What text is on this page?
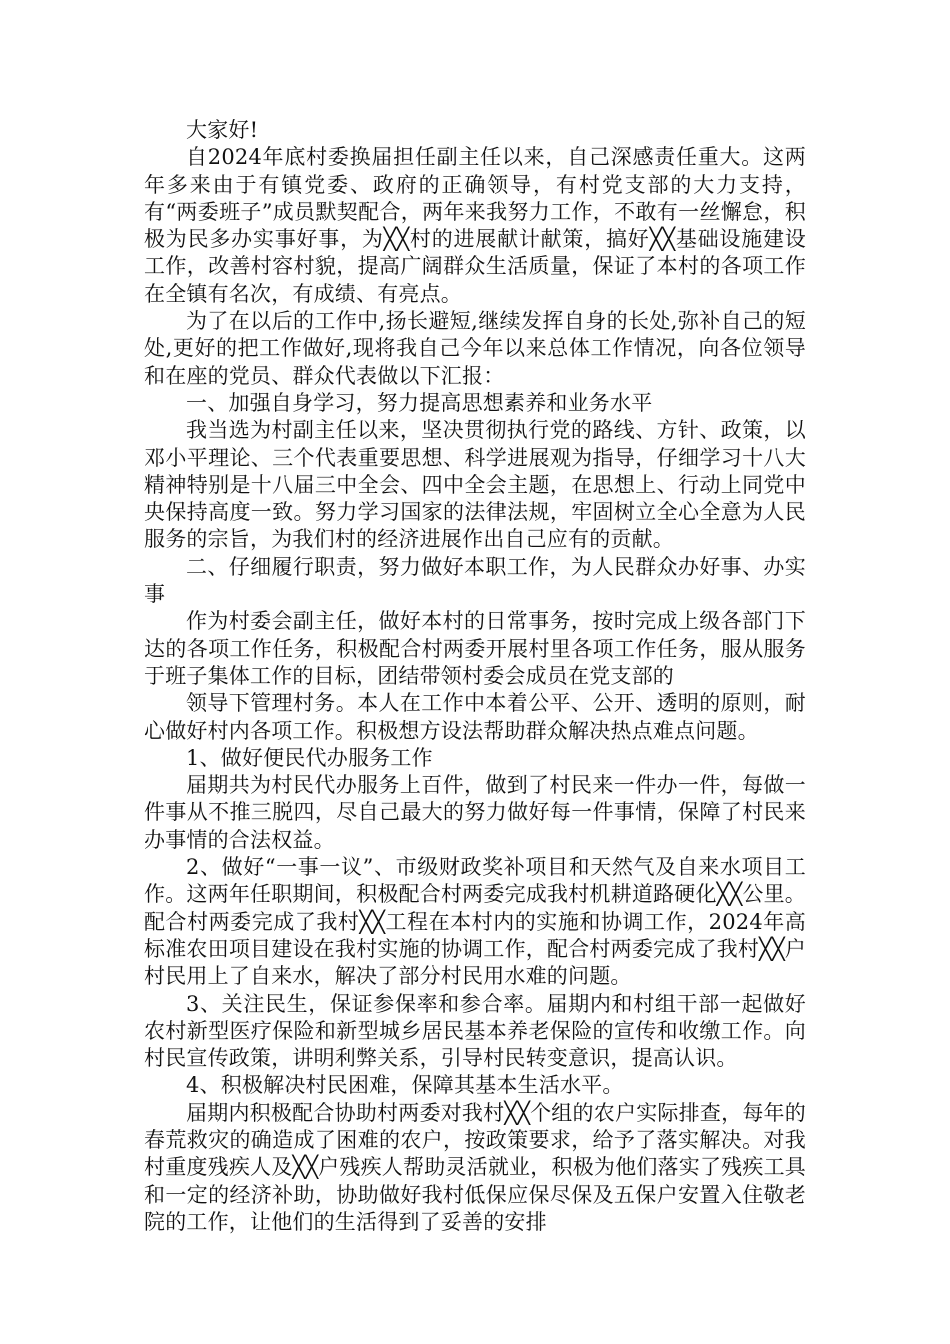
大家好!

自2024年底村委换届担任副主任以来，自己深感责任重大。这两年多来由于有镇党委、政府的正确领导，有村党支部的大力支持，有“两委班子”成员默契配合，两年来我努力工作，不敢有一丝懈怠，积极为民多办实事好事，为╳╳村的进展献计献策，搞好╳╳基础设施建设工作，改善村容村貌，提高广阔群众生活质量，保证了本村的各项工作在全镇有名次，有成绩、有亮点。

为了在以后的工作中,扬长避短,继续发挥自身的长处,弥补自己的短处,更好的把工作做好,现将我自己今年以来总体工作情况，向各位领导和在座的党员、群众代表做以下汇报：

一、加强自身学习，努力提高思想素养和业务水平

我当选为村副主任以来，坚决贯彻执行党的路线、方针、政策，以邓小平理论、三个代表重要思想、科学进展观为指导，仔细学习十八大精神特别是十八届三中全会、四中全会主题，在思想上、行动上同党中央保持高度一致。努力学习国家的法律法规，牢固树立全心全意为人民服务的宗旨，为我们村的经济进展作出自己应有的贡献。

二、仔细履行职责，努力做好本职工作，为人民群众办好事、办实事

作为村委会副主任，做好本村的日常事务，按时完成上级各部门下达的各项工作任务，积极配合村两委开展村里各项工作任务，服从服务于班子集体工作的目标，团结带领村委会成员在党支部的

领导下管理村务。本人在工作中本着公平、公开、透明的原则，耐心做好村内各项工作。积极想方设法帮助群众解决热点难点问题。

1、做好便民代办服务工作

届期共为村民代办服务上百件，做到了村民来一件办一件，每做一件事从不推三脱四，尽自己最大的努力做好每一件事情，保障了村民来办事情的合法权益。

2、做好“一事一议”、市级财政奖补项目和天然气及自来水项目工作。这两年任职期间，积极配合村两委完成我村机耕道路硬化╳╳公里。配合村两委完成了我村╳╳工程在本村内的实施和协调工作，2024年高标准农田项目建设在我村实施的协调工作，配合村两委完成了我村╳╳户村民用上了自来水，解决了部分村民用水难的问题。

3、关注民生，保证参保率和参合率。届期内和村组干部一起做好农村新型医疗保险和新型城乡居民基本养老保险的宣传和收缴工作。向村民宣传政策，讲明利弊关系，引导村民转变意识，提高认识。

4、积极解决村民困难，保障其基本生活水平。

届期内积极配合协助村两委对我村╳╳个组的农户实际排查，每年的春荒救灾的确造成了困难的农户，按政策要求，给予了落实解决。对我村重度残疾人及╳╳户残疾人帮助灵活就业，积极为他们落实了残疾工具和一定的经济补助，协助做好我村低保应保尽保及五保户安置入住敬老院的工作，让他们的生活得到了妥善的安排
